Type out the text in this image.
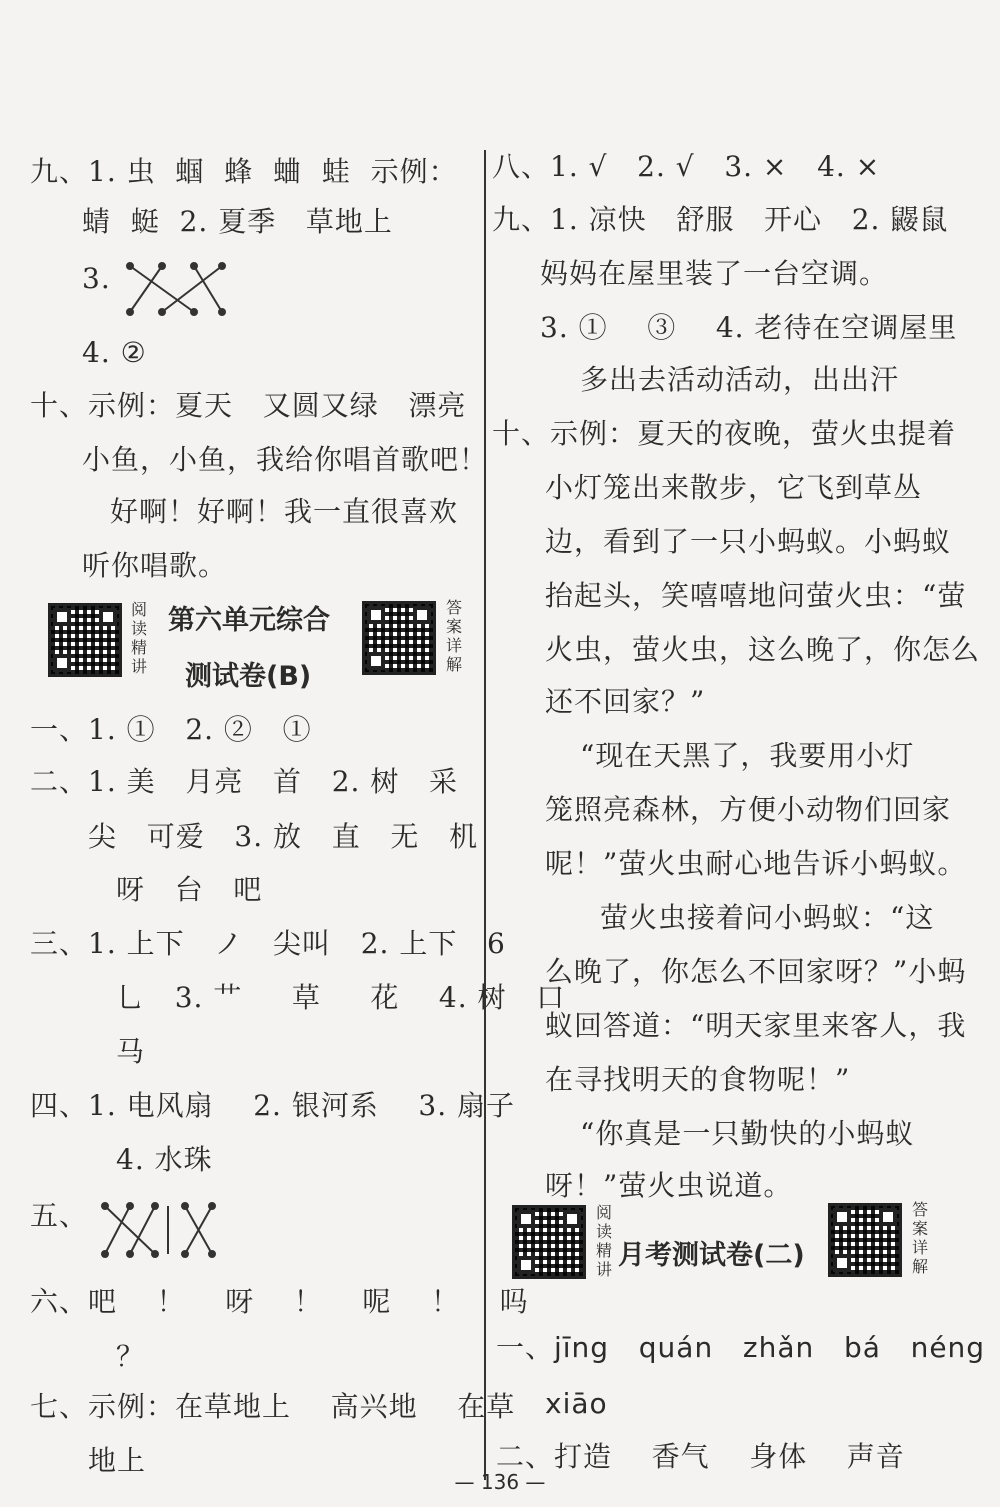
九、1. 虫  蝈  蜂  蛐  蛙  示例：
蜻  蜓  2. 夏季   草地上
3.
4. ②
十、示例：夏天   又圆又绿   漂亮
小鱼，小鱼，我给你唱首歌吧！
好啊！好啊！我一直很喜欢
听你唱歌。
阅读精讲
第六单元综合
测试卷(B)
答案详解
一、1. ①   2. ②   ①
二、1. 美   月亮   首   2. 树   采
尖   可爱   3. 放   直   无   机
呀   台   吧
三、1. 上下   ノ   尖叫   2. 上下   6
乚   3. 艹     草     花    4. 树   口
马
四、1. 电风扇    2. 银河系    3. 扇子
4. 水珠
五、
六、吧    ！    呀    ！    呢    ！    吗
？
七、示例：在草地上    高兴地    在草
地上
八、1. √   2. √   3. ×   4. ×
九、1. 凉快   舒服   开心   2. 鼹鼠
妈妈在屋里装了一台空调。
3. ①    ③    4. 老待在空调屋里
多出去活动活动，出出汗
十、示例：夏天的夜晚，萤火虫提着
小灯笼出来散步，它飞到草丛
边，看到了一只小蚂蚁。小蚂蚁
抬起头，笑嘻嘻地问萤火虫：“萤
火虫，萤火虫，这么晚了，你怎么
还不回家？”
“现在天黑了，我要用小灯
笼照亮森林，方便小动物们回家
呢！”萤火虫耐心地告诉小蚂蚁。
萤火虫接着问小蚂蚁：“这
么晚了，你怎么不回家呀？”小蚂
蚁回答道：“明天家里来客人，我
在寻找明天的食物呢！”
“你真是一只勤快的小蚂蚁
呀！”萤火虫说道。
阅读精讲 月考测试卷(二)
答案详解
一、jīng   quán   zhǎn   bá   néng
xiāo
二、打造    香气    身体    声音
— 136 —
